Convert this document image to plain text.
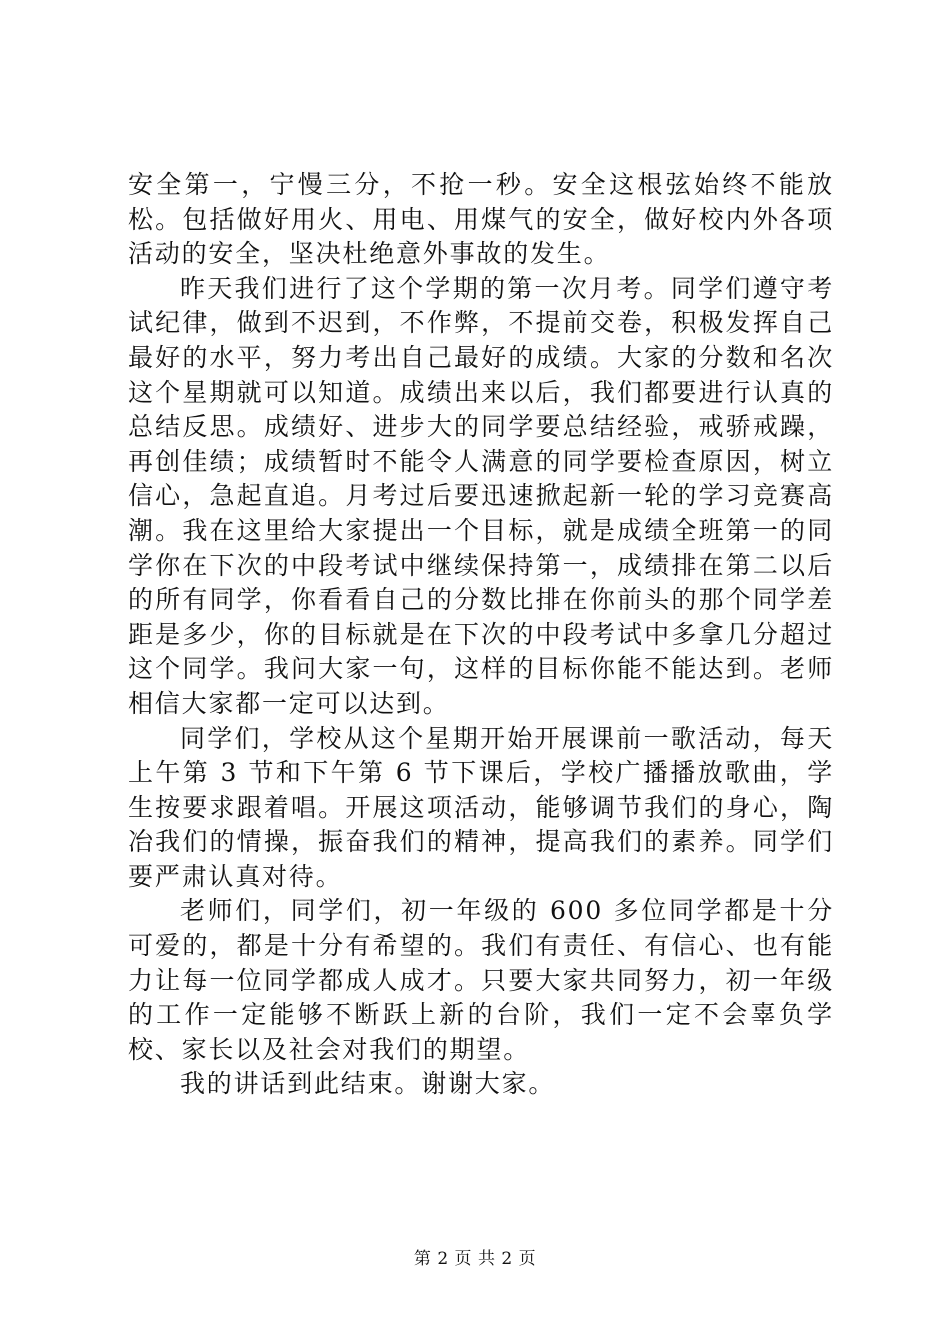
安全第一，宁慢三分，不抢一秒。安全这根弦始终不能放松。包括做好用火、用电、用煤气的安全，做好校内外各项活动的安全，坚决杜绝意外事故的发生。

昨天我们进行了这个学期的第一次月考。同学们遵守考试纪律，做到不迟到，不作弊，不提前交卷，积极发挥自己最好的水平，努力考出自己最好的成绩。大家的分数和名次这个星期就可以知道。成绩出来以后，我们都要进行认真的总结反思。成绩好、进步大的同学要总结经验，戒骄戒躁，再创佳绩；成绩暂时不能令人满意的同学要检查原因，树立信心，急起直追。月考过后要迅速掀起新一轮的学习竞赛高潮。我在这里给大家提出一个目标，就是成绩全班第一的同学你在下次的中段考试中继续保持第一，成绩排在第二以后的所有同学，你看看自己的分数比排在你前头的那个同学差距是多少，你的目标就是在下次的中段考试中多拿几分超过这个同学。我问大家一句，这样的目标你能不能达到。老师相信大家都一定可以达到。

同学们，学校从这个星期开始开展课前一歌活动，每天上午第 3 节和下午第 6 节下课后，学校广播播放歌曲，学生按要求跟着唱。开展这项活动，能够调节我们的身心，陶冶我们的情操，振奋我们的精神，提高我们的素养。同学们要严肃认真对待。

老师们，同学们，初一年级的 600 多位同学都是十分可爱的，都是十分有希望的。我们有责任、有信心、也有能力让每一位同学都成人成才。只要大家共同努力，初一年级的工作一定能够不断跃上新的台阶，我们一定不会辜负学校、家长以及社会对我们的期望。

我的讲话到此结束。谢谢大家。

第 2 页 共 2 页
